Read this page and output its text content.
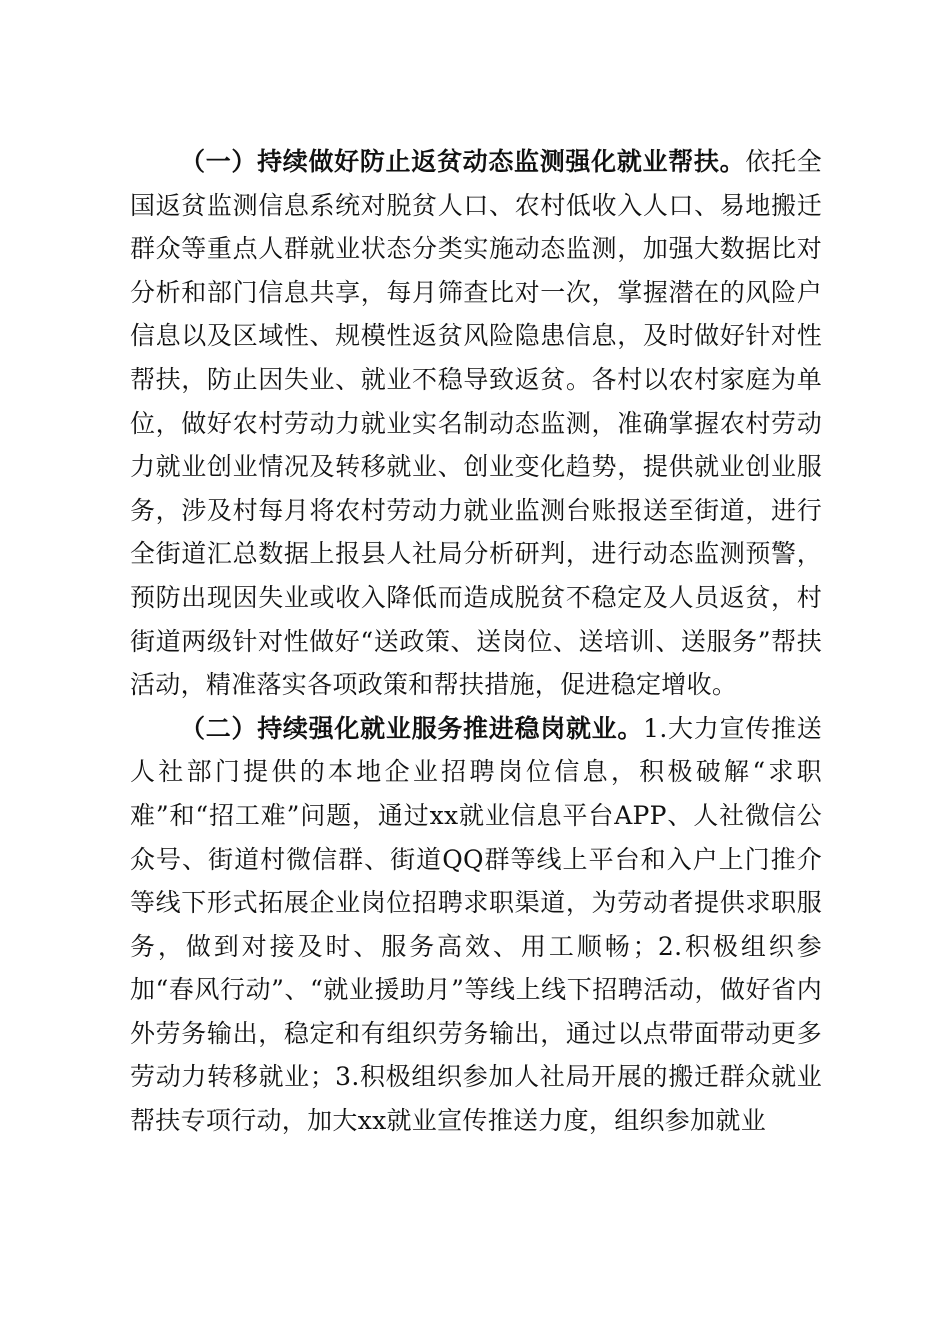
（一）持续做好防止返贫动态监测强化就业帮扶。依托全国返贫监测信息系统对脱贫人口、农村低收入人口、易地搬迁群众等重点人群就业状态分类实施动态监测，加强大数据比对分析和部门信息共享，每月筛查比对一次，掌握潜在的风险户信息以及区域性、规模性返贫风险隐患信息，及时做好针对性帮扶，防止因失业、就业不稳导致返贫。各村以农村家庭为单位，做好农村劳动力就业实名制动态监测，准确掌握农村劳动力就业创业情况及转移就业、创业变化趋势，提供就业创业服务，涉及村每月将农村劳动力就业监测台账报送至街道，进行全街道汇总数据上报县人社局分析研判，进行动态监测预警，预防出现因失业或收入降低而造成脱贫不稳定及人员返贫，村街道两级针对性做好“送政策、送岗位、送培训、送服务”帮扶活动，精准落实各项政策和帮扶措施，促进稳定增收。

（二）持续强化就业服务推进稳岗就业。1.大力宣传推送人社部门提供的本地企业招聘岗位信息，积极破解“求职难”和“招工难”问题，通过xx就业信息平台APP、人社微信公众号、街道村微信群、街道QQ群等线上平台和入户上门推介等线下形式拓展企业岗位招聘求职渠道，为劳动者提供求职服务，做到对接及时、服务高效、用工顺畅；2.积极组织参加“春风行动”、“就业援助月”等线上线下招聘活动，做好省内外劳务输出，稳定和有组织劳务输出，通过以点带面带动更多劳动力转移就业；3.积极组织参加人社局开展的搬迁群众就业帮扶专项行动，加大xx就业宣传推送力度，组织参加就业
